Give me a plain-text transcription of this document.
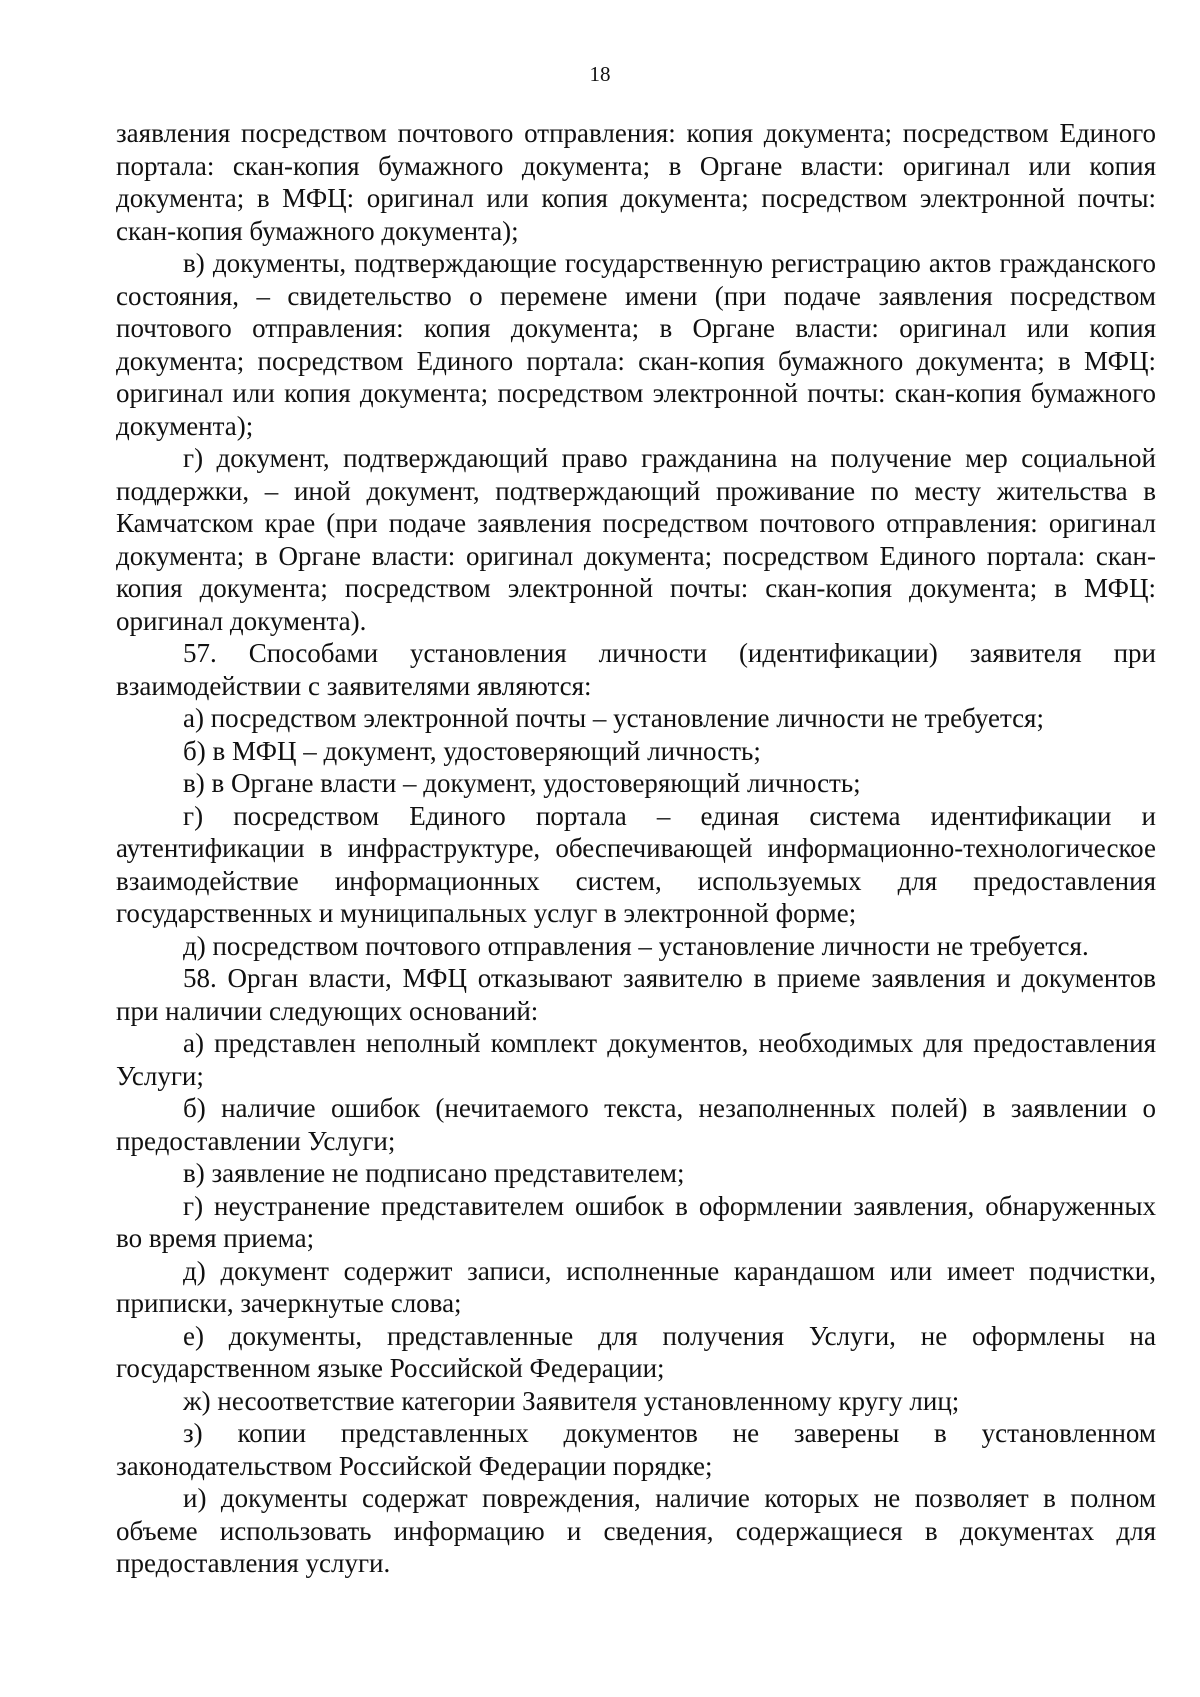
18

заявления посредством почтового отправления: копия документа; посредством Единого портала: скан-копия бумажного документа; в Органе власти: оригинал или копия документа; в МФЦ: оригинал или копия документа; посредством электронной почты: скан-копия бумажного документа);

в) документы, подтверждающие государственную регистрацию актов гражданского состояния, – свидетельство о перемене имени (при подаче заявления посредством почтового отправления: копия документа; в Органе власти: оригинал или копия документа; посредством Единого портала: скан-копия бумажного документа; в МФЦ: оригинал или копия документа; посредством электронной почты: скан-копия бумажного документа);

г) документ, подтверждающий право гражданина на получение мер социальной поддержки, – иной документ, подтверждающий проживание по месту жительства в Камчатском крае (при подаче заявления посредством почтового отправления: оригинал документа; в Органе власти: оригинал документа; посредством Единого портала: скан-копия документа; посредством электронной почты: скан-копия документа; в МФЦ: оригинал документа).

57. Способами установления личности (идентификации) заявителя при взаимодействии с заявителями являются:

а) посредством электронной почты – установление личности не требуется;

б) в МФЦ – документ, удостоверяющий личность;

в) в Органе власти – документ, удостоверяющий личность;

г) посредством Единого портала – единая система идентификации и аутентификации в инфраструктуре, обеспечивающей информационно-технологическое взаимодействие информационных систем, используемых для предоставления государственных и муниципальных услуг в электронной форме;

д) посредством почтового отправления – установление личности не требуется.

58. Орган власти, МФЦ отказывают заявителю в приеме заявления и документов при наличии следующих оснований:

а) представлен неполный комплект документов, необходимых для предоставления Услуги;

б) наличие ошибок (нечитаемого текста, незаполненных полей) в заявлении о предоставлении Услуги;

в) заявление не подписано представителем;

г) неустранение представителем ошибок в оформлении заявления, обнаруженных во время приема;

д) документ содержит записи, исполненные карандашом или имеет подчистки, приписки, зачеркнутые слова;

е) документы, представленные для получения Услуги, не оформлены на государственном языке Российской Федерации;

ж) несоответствие категории Заявителя установленному кругу лиц;

з) копии представленных документов не заверены в установленном законодательством Российской Федерации порядке;

и) документы содержат повреждения, наличие которых не позволяет в полном объеме использовать информацию и сведения, содержащиеся в документах для предоставления услуги.
